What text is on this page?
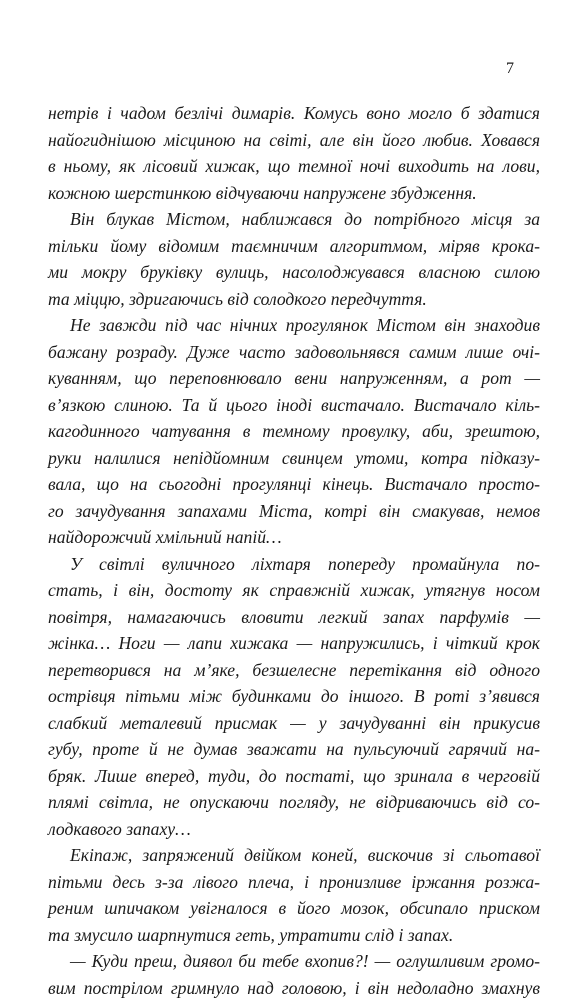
7
нетрів і чадом безлічі димарів. Комусь воно могло б здатися
найогиднішою місциною на світі, але він його любив. Ховався
в ньому, як лісовий хижак, що темної ночі виходить на лови,
кожною шерстинкою відчуваючи напружене збудження.
Він блукав Містом, наближався до потрібного місця за
тільки йому відомим таємничим алгоритмом, міряв крока-
ми мокру бруківку вулиць, насолоджувався власною силою
та міццю, здригаючись від солодкого передчуття.
Не завжди під час нічних прогулянок Містом він знаходив
бажану розраду. Дуже часто задовольнявся самим лише очі-
куванням, що переповнювало вени напруженням, а рот —
в’язкою слиною. Та й цього іноді вистачало. Вистачало кіль-
кагодинного чатування в темному провулку, аби, зрештою,
руки налилися непідйомним свинцем утоми, котра підказу-
вала, що на сьогодні прогулянці кінець. Вистачало просто-
го зачудування запахами Міста, котрі він смакував, немов
найдорожчий хмільний напій…
У світлі вуличного ліхтаря попереду промайнула по-
стать, і він, достоту як справжній хижак, утягнув носом
повітря, намагаючись вловити легкий запах парфумів —
жінка… Ноги — лапи хижака — напружились, і чіткий крок
перетворився на м’яке, безшелесне перетікання від одного
острівця пітьми між будинками до іншого. В роті з’явився
слабкий металевий присмак — у зачудуванні він прикусив
губу, проте й не думав зважати на пульсуючий гарячий на-
бряк. Лише вперед, туди, до постаті, що зринала в черговій
плямі світла, не опускаючи погляду, не відриваючись від со-
лодкавого запаху…
Екіпаж, запряжений двійком коней, вискочив зі сльотавої
пітьми десь з-за лівого плеча, і пронизливе іржання розжа-
реним шпичаком увігналося в його мозок, обсипало приском
та змусило шарпнутися геть, утратити слід і запах.
— Куди преш, диявол би тебе вхопив?! — оглушливим громо-
вим пострілом гримнуло над головою, і він недоладно змахнув
